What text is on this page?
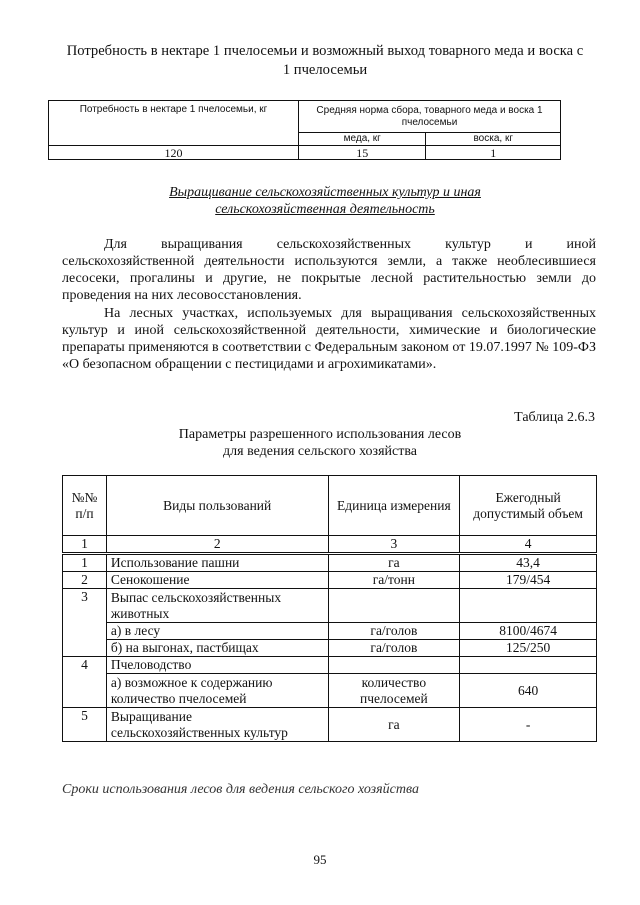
Потребность в нектаре 1 пчелосемьи и возможный выход товарного меда и воска с
1 пчелосемьи
Потребность в нектаре 1 пчелосемьи, кг	Средняя норма сбора, товарного меда и воска 1 пчелосемьи	
	меда, кг	воска, кг
120	15	1
Выращивание сельскохозяйственных культур и иная
сельскохозяйственная деятельность
Для выращивания сельскохозяйственных культур и иной
сельскохозяйственной деятельности используются земли, а также необлесившиеся лесосеки, прогалины и другие, не покрытые лесной растительностью земли до проведения на них лесовосстановления.
На лесных участках, используемых для выращивания сельскохозяйственных культур и иной сельскохозяйственной деятельности, химические и биологические препараты применяются в соответствии с Федеральным законом от 19.07.1997 № 109-ФЗ «О безопасном обращении с пестицидами и агрохимикатами».
Таблица 2.6.3
Параметры разрешенного использования лесов
для ведения сельского хозяйства
№№ п/п	Виды пользований	Единица измерения	Ежегодный допустимый объем
1	2	3	4
1	Использование пашни	га	43,4
2	Сенокошение	га/тонн	179/454
3	Выпас сельскохозяйственных животных		
	а) в лесу	га/голов	8100/4674
	б) на выгонах, пастбищах	га/голов	125/250
4	Пчеловодство		
	а) возможное к содержанию количество пчелосемей	количество пчелосемей	640
5	Выращивание сельскохозяйственных культур	га	-
Сроки использования лесов для ведения сельского хозяйства
95
